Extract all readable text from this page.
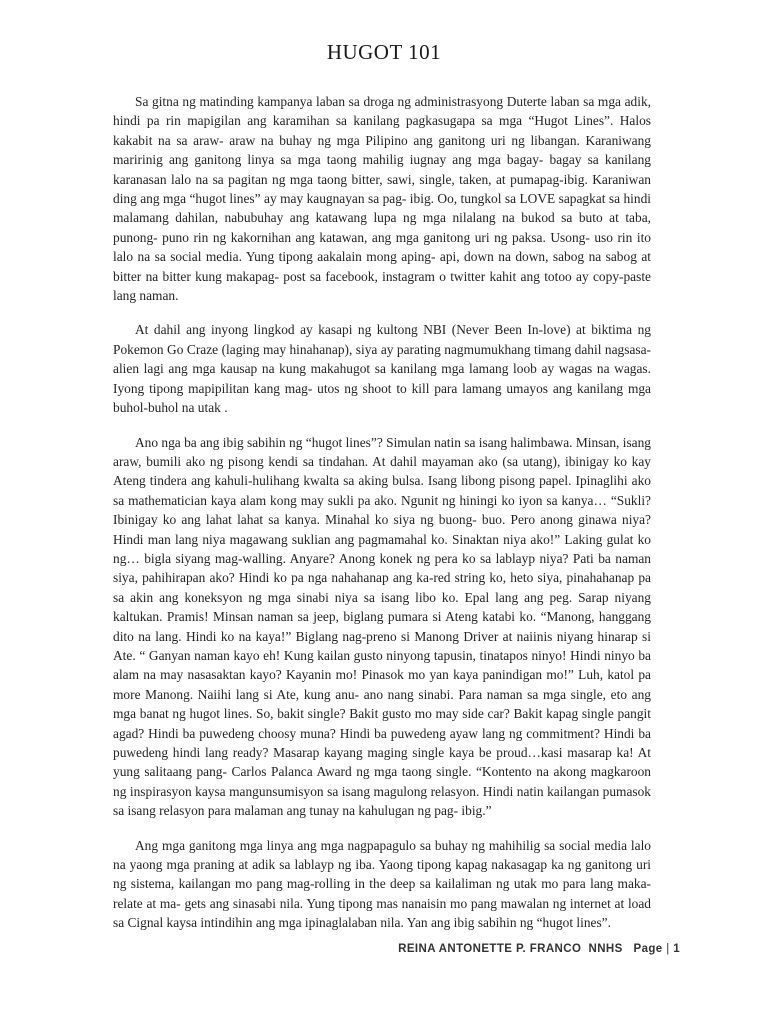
HUGOT 101

Sa gitna ng matinding kampanya laban sa droga ng administrasyong Duterte laban sa mga adik, hindi pa rin mapigilan ang karamihan sa kanilang pagkasugapa sa mga “Hugot Lines”. Halos kakabit na sa araw- araw na buhay ng mga Pilipino ang ganitong uri ng libangan. Karaniwang maririnig ang ganitong linya sa mga taong mahilig iugnay ang mga bagay- bagay sa kanilang karanasan lalo na sa pagitan ng mga taong bitter, sawi, single, taken, at pumapag-ibig. Karaniwan ding ang mga “hugot lines” ay may kaugnayan sa pag- ibig. Oo, tungkol sa LOVE sapagkat sa hindi malamang dahilan, nabubuhay ang katawang lupa ng mga nilalang na bukod sa buto at taba, punong- puno rin ng kakornihan ang katawan, ang mga ganitong uri ng paksa. Usong- uso rin ito lalo na sa social media. Yung tipong aakalain mong aping- api, down na down, sabog na sabog at bitter na bitter kung makapag- post sa facebook, instagram o twitter kahit ang totoo ay copy-paste lang naman.

At dahil ang inyong lingkod ay kasapi ng kultong NBI (Never Been In-love) at biktima ng Pokemon Go Craze (laging may hinahanap), siya ay parating nagmumukhang timang dahil nagsasa- alien lagi ang mga kausap na kung makahugot sa kanilang mga lamang loob ay wagas na wagas. Iyong tipong mapipilitan kang mag- utos ng shoot to kill para lamang umayos ang kanilang mga buhol-buhol na utak .

Ano nga ba ang ibig sabihin ng “hugot lines”? Simulan natin sa isang halimbawa. Minsan, isang araw, bumili ako ng pisong kendi sa tindahan. At dahil mayaman ako (sa utang), ibinigay ko kay Ateng tindera ang kahuli-hulihang kwalta sa aking bulsa. Isang libong pisong papel. Ipinaglihi ako sa mathematician kaya alam kong may sukli pa ako. Ngunit ng hiningi ko iyon sa kanya… “Sukli? Ibinigay ko ang lahat lahat sa kanya. Minahal ko siya ng buong- buo. Pero anong ginawa niya? Hindi man lang niya magawang suklian ang pagmamahal ko. Sinaktan niya ako!” Laking gulat ko ng… bigla siyang mag-walling. Anyare? Anong konek ng pera ko sa lablayp niya? Pati ba naman siya, pahihirapan ako? Hindi ko pa nga nahahanap ang ka-red string ko, heto siya, pinahahanap pa sa akin ang koneksyon ng mga sinabi niya sa isang libo ko. Epal lang ang peg. Sarap niyang kaltukan. Pramis! Minsan naman sa jeep, biglang pumara si Ateng katabi ko. “Manong, hanggang dito na lang. Hindi ko na kaya!” Biglang nag-preno si Manong Driver at naiinis niyang hinarap si Ate. “ Ganyan naman kayo eh! Kung kailan gusto ninyong tapusin, tinatapos ninyo! Hindi ninyo ba alam na may nasasaktan kayo? Kayanin mo! Pinasok mo yan kaya panindigan mo!” Luh, katol pa more Manong. Naiihi lang si Ate, kung anu- ano nang sinabi. Para naman sa mga single, eto ang mga banat ng hugot lines. So, bakit single? Bakit gusto mo may side car? Bakit kapag single pangit agad? Hindi ba puwedeng choosy muna? Hindi ba puwedeng ayaw lang ng commitment? Hindi ba puwedeng hindi lang ready? Masarap kayang maging single kaya be proud…kasi masarap ka! At yung salitaang pang- Carlos Palanca Award ng mga taong single. “Kontento na akong magkaroon ng inspirasyon kaysa mangunsumisyon sa isang magulong relasyon. Hindi natin kailangan pumasok sa isang relasyon para malaman ang tunay na kahulugan ng pag- ibig.”

Ang mga ganitong mga linya ang mga nagpapagulo sa buhay ng mahihilig sa social media lalo na yaong mga praning at adik sa lablayp ng iba. Yaong tipong kapag nakasagap ka ng ganitong uri ng sistema, kailangan mo pang mag-rolling in the deep sa kailaliman ng utak mo para lang maka-relate at ma- gets ang sinasabi nila. Yung tipong mas nanaisin mo pang mawalan ng internet at load sa Cignal kaysa intindihin ang mga ipinaglalaban nila. Yan ang ibig sabihin ng “hugot lines”.

REINA ANTONETTE P. FRANCO NNHS Page | 1
